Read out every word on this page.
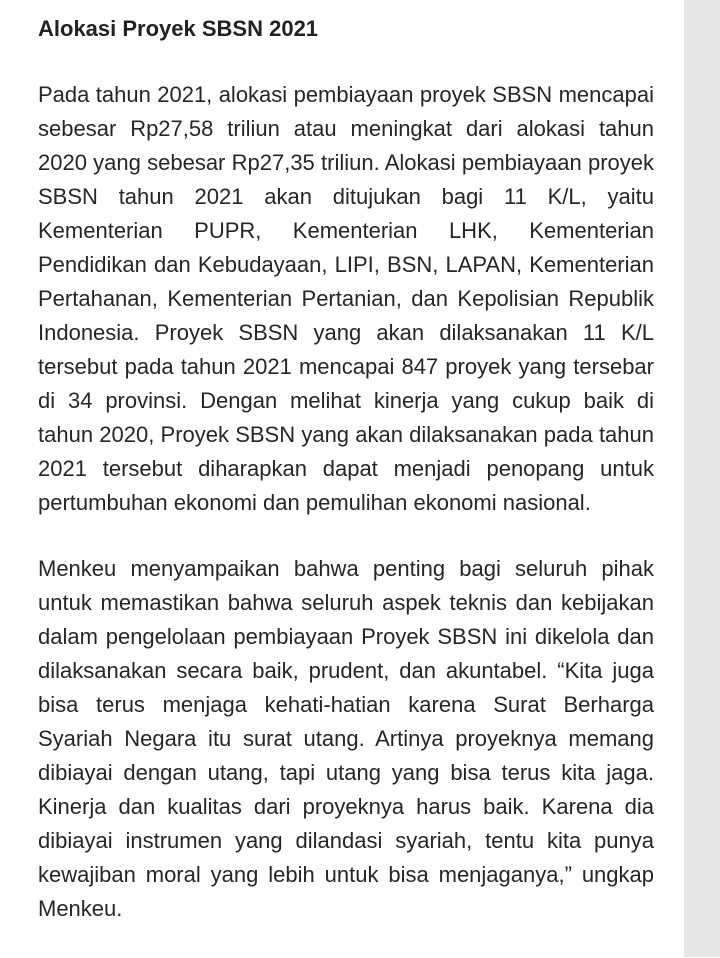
Alokasi Proyek SBSN 2021

Pada tahun 2021, alokasi pembiayaan proyek SBSN mencapai sebesar Rp27,58 triliun atau meningkat dari alokasi tahun 2020 yang sebesar Rp27,35 triliun. Alokasi pembiayaan proyek SBSN tahun 2021 akan ditujukan bagi 11 K/L, yaitu Kementerian PUPR, Kementerian LHK, Kementerian Pendidikan dan Kebudayaan, LIPI, BSN, LAPAN, Kementerian Pertahanan, Kementerian Pertanian, dan Kepolisian Republik Indonesia. Proyek SBSN yang akan dilaksanakan 11 K/L tersebut pada tahun 2021 mencapai 847 proyek yang tersebar di 34 provinsi. Dengan melihat kinerja yang cukup baik di tahun 2020, Proyek SBSN yang akan dilaksanakan pada tahun 2021 tersebut diharapkan dapat menjadi penopang untuk pertumbuhan ekonomi dan pemulihan ekonomi nasional.

Menkeu menyampaikan bahwa penting bagi seluruh pihak untuk memastikan bahwa seluruh aspek teknis dan kebijakan dalam pengelolaan pembiayaan Proyek SBSN ini dikelola dan dilaksanakan secara baik, prudent, dan akuntabel. “Kita juga bisa terus menjaga kehati-hatian karena Surat Berharga Syariah Negara itu surat utang. Artinya proyeknya memang dibiayai dengan utang, tapi utang yang bisa terus kita jaga. Kinerja dan kualitas dari proyeknya harus baik. Karena dia dibiayai instrumen yang dilandasi syariah, tentu kita punya kewajiban moral yang lebih untuk bisa menjaganya,” ungkap Menkeu.
